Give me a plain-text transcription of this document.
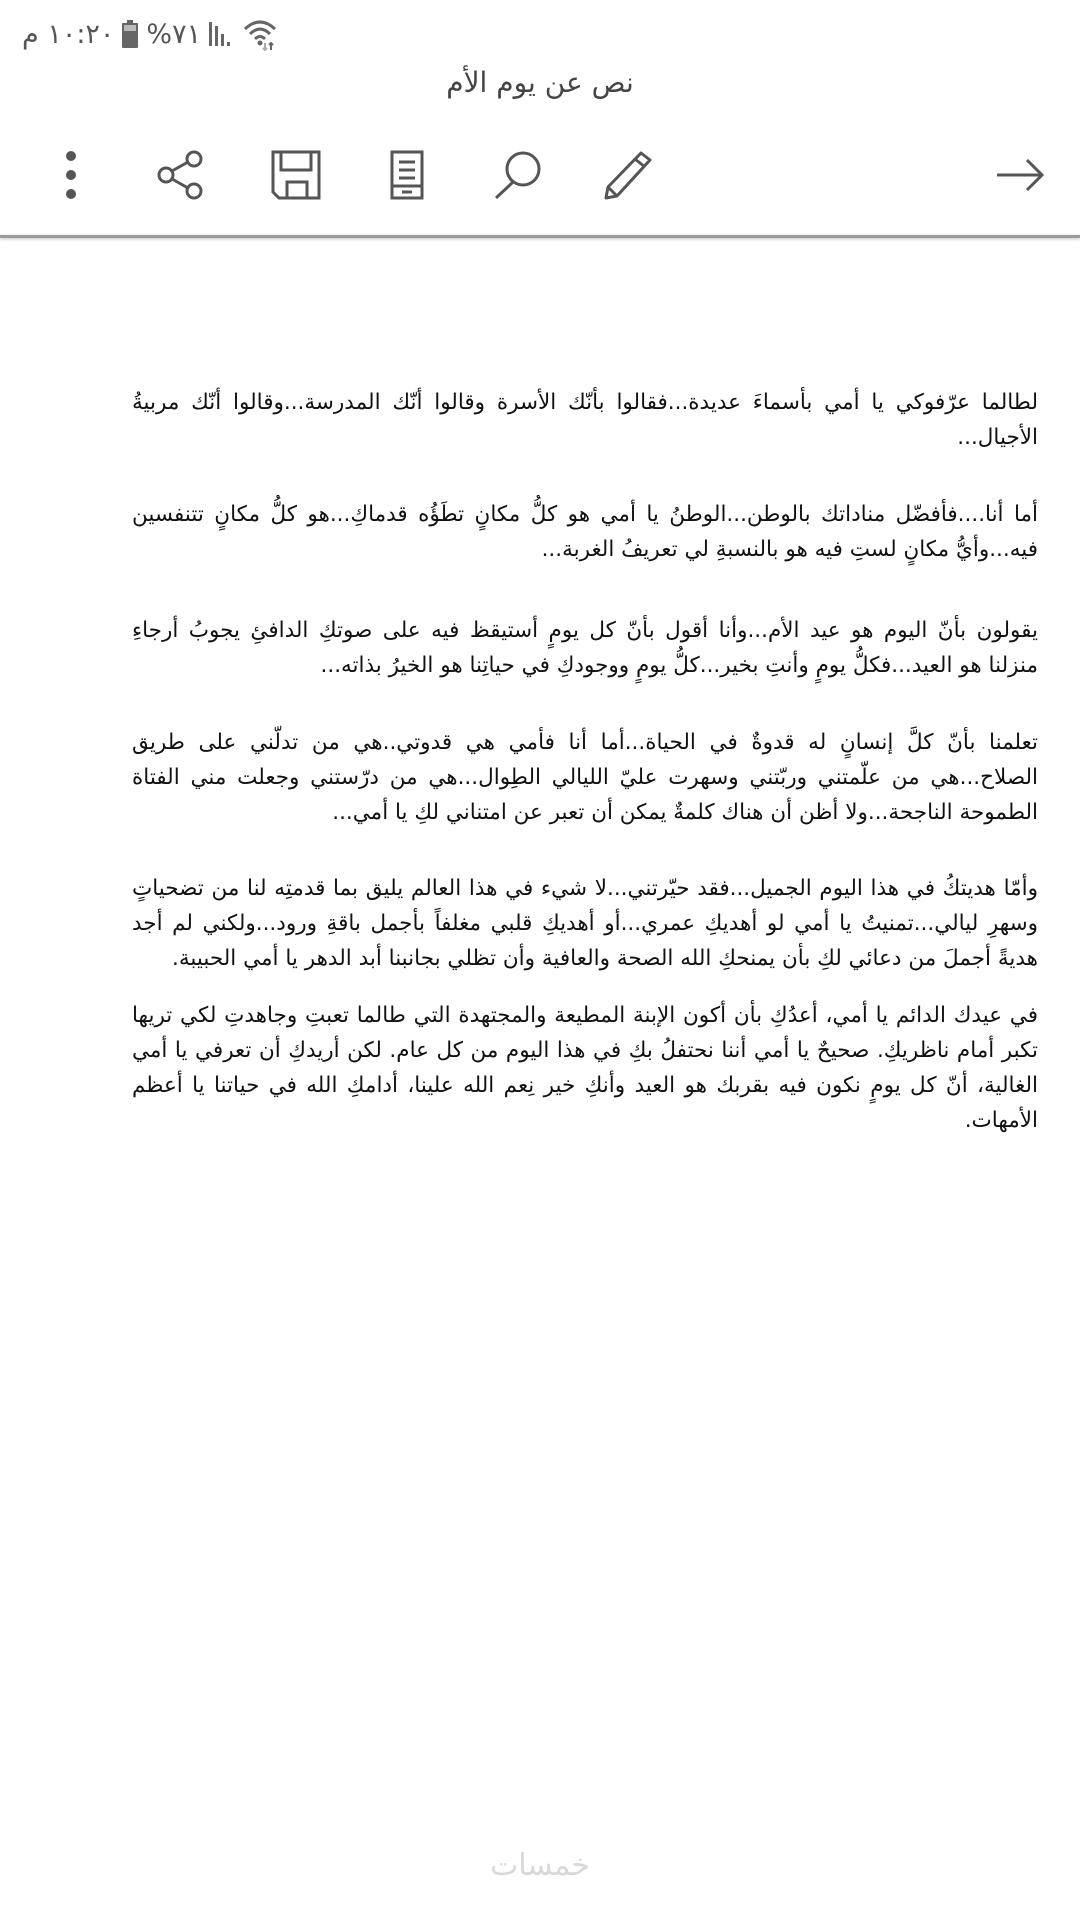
١٠:٢٠ م %٧١
نص عن يوم الأم
لطالما عرّفوكي يا أمي بأسماءَ عديدة...فقالوا بأنّك الأسرة وقالوا أنّك المدرسة...وقالوا أنّك مربيةُ
الأجيال...
أما أنا....فأفضّل مناداتك بالوطن...الوطنُ يا أمي هو كلُّ مكانٍ تطَؤُه قدماكِ...هو كلُّ مكانٍ تتنفسين
فيه...وأيُّ مكانٍ لستِ فيه هو بالنسبةِ لي تعريفُ الغربة...
يقولون بأنّ اليوم هو عيد الأم...وأنا أقول بأنّ كل يومٍ أستيقظ فيه على صوتكِ الدافئِ يجوبُ أرجاءِ
منزلنا هو العيد...فكلُّ يومٍ وأنتِ بخير...كلُّ يومٍ ووجودكِ في حياتِنا هو الخيرُ بذاته...
تعلمنا بأنّ كلَّ إنسانٍ له قدوةٌ في الحياة...أما أنا فأمي هي قدوتي..هي من تدلّني على طريق
الصلاح...هي من علّمتني وربّتني وسهرت عليّ الليالي الطِوال...هي من درّستني وجعلت مني الفتاة
الطموحة الناجحة...ولا أظن أن هناك كلمةٌ يمكن أن تعبر عن امتناني لكِ يا أمي...
وأمّا هديتكُ في هذا اليوم الجميل...فقد حيّرتني...لا شيء في هذا العالم يليق بما قدمتِه لنا من تضحياتٍ
وسهرِ ليالي...تمنيتُ يا أمي لو أهديكِ عمري...أو أهديكِ قلبي مغلفاً بأجمل باقةِ ورود...ولكني لم أجد
هديةً أجملَ من دعائي لكِ بأن يمنحكِ الله الصحة والعافية وأن تظلي بجانبنا أبد الدهر يا أمي الحبيبة.
في عيدك الدائم يا أمي، أعدُكِ بأن أكون الإبنة المطيعة والمجتهدة التي طالما تعبتِ وجاهدتِ لكي تريها
تكبر أمام ناظريكِ. صحيحٌ يا أمي أننا نحتفلُ بكِ في هذا اليوم من كل عام. لكن أريدكِ أن تعرفي يا أمي
الغالية، أنّ كل يومٍ نكون فيه بقربك هو العيد وأنكِ خير نِعم الله علينا، أدامكِ الله في حياتنا يا أعظم
الأمهات.
خمسات
